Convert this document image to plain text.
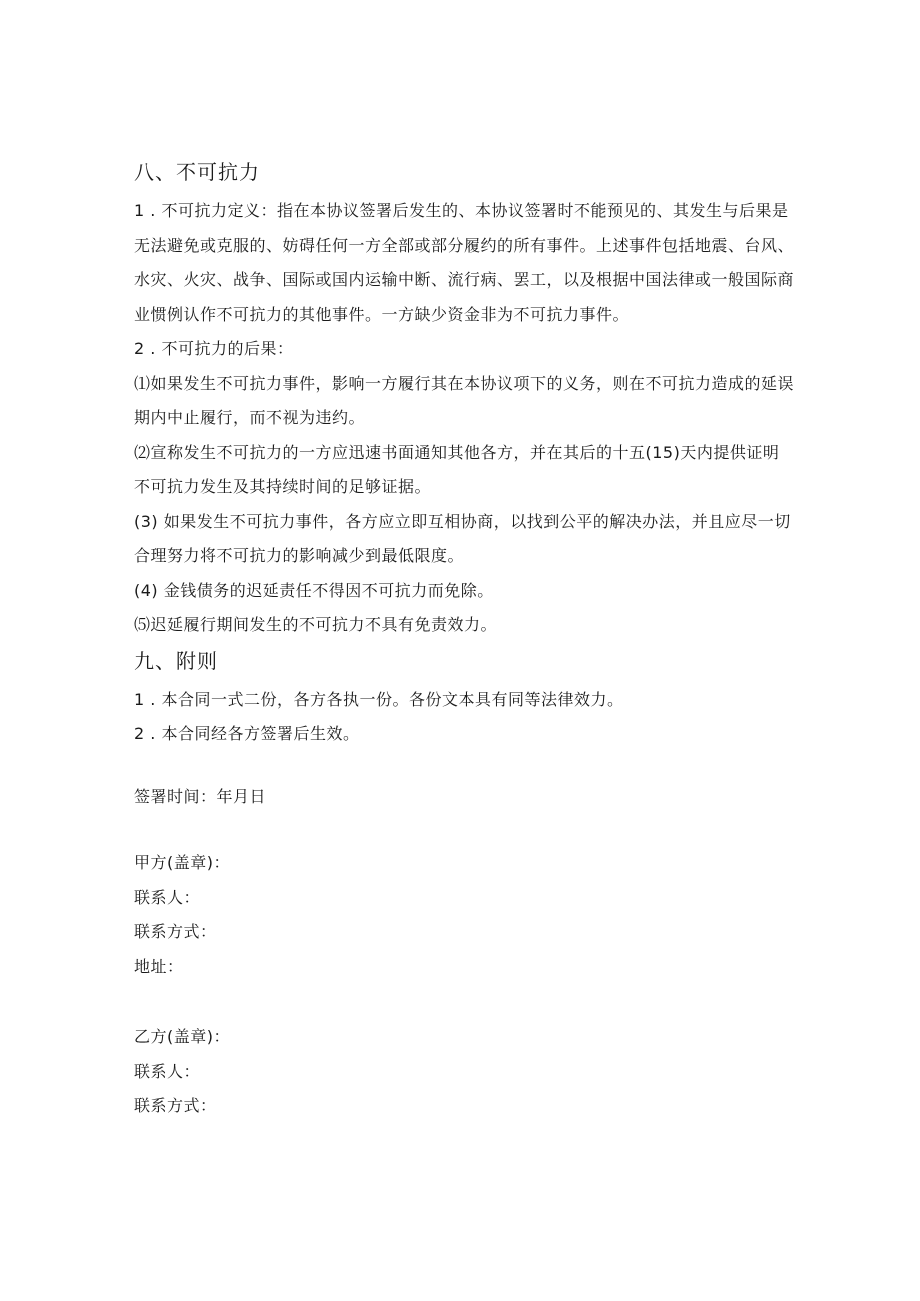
八、不可抗力

1 . 不可抗力定义：指在本协议签署后发生的、本协议签署时不能预见的、其发生与后果是无法避免或克服的、妨碍任何一方全部或部分履约的所有事件。上述事件包括地震、台风、水灾、火灾、战争、国际或国内运输中断、流行病、罢工，以及根据中国法律或一般国际商业惯例认作不可抗力的其他事件。一方缺少资金非为不可抗力事件。

2 . 不可抗力的后果：

⑴如果发生不可抗力事件，影响一方履行其在本协议项下的义务，则在不可抗力造成的延误期内中止履行，而不视为违约。

⑵宣称发生不可抗力的一方应迅速书面通知其他各方，并在其后的十五(15)天内提供证明不可抗力发生及其持续时间的足够证据。

(3) 如果发生不可抗力事件，各方应立即互相协商，以找到公平的解决办法，并且应尽一切合理努力将不可抗力的影响减少到最低限度。

(4) 金钱债务的迟延责任不得因不可抗力而免除。

⑸迟延履行期间发生的不可抗力不具有免责效力。

九、附则

1 . 本合同一式二份，各方各执一份。各份文本具有同等法律效力。

2 . 本合同经各方签署后生效。

签署时间：年月日

甲方(盖章)：

联系人：

联系方式：

地址：

乙方(盖章)：

联系人：

联系方式：
